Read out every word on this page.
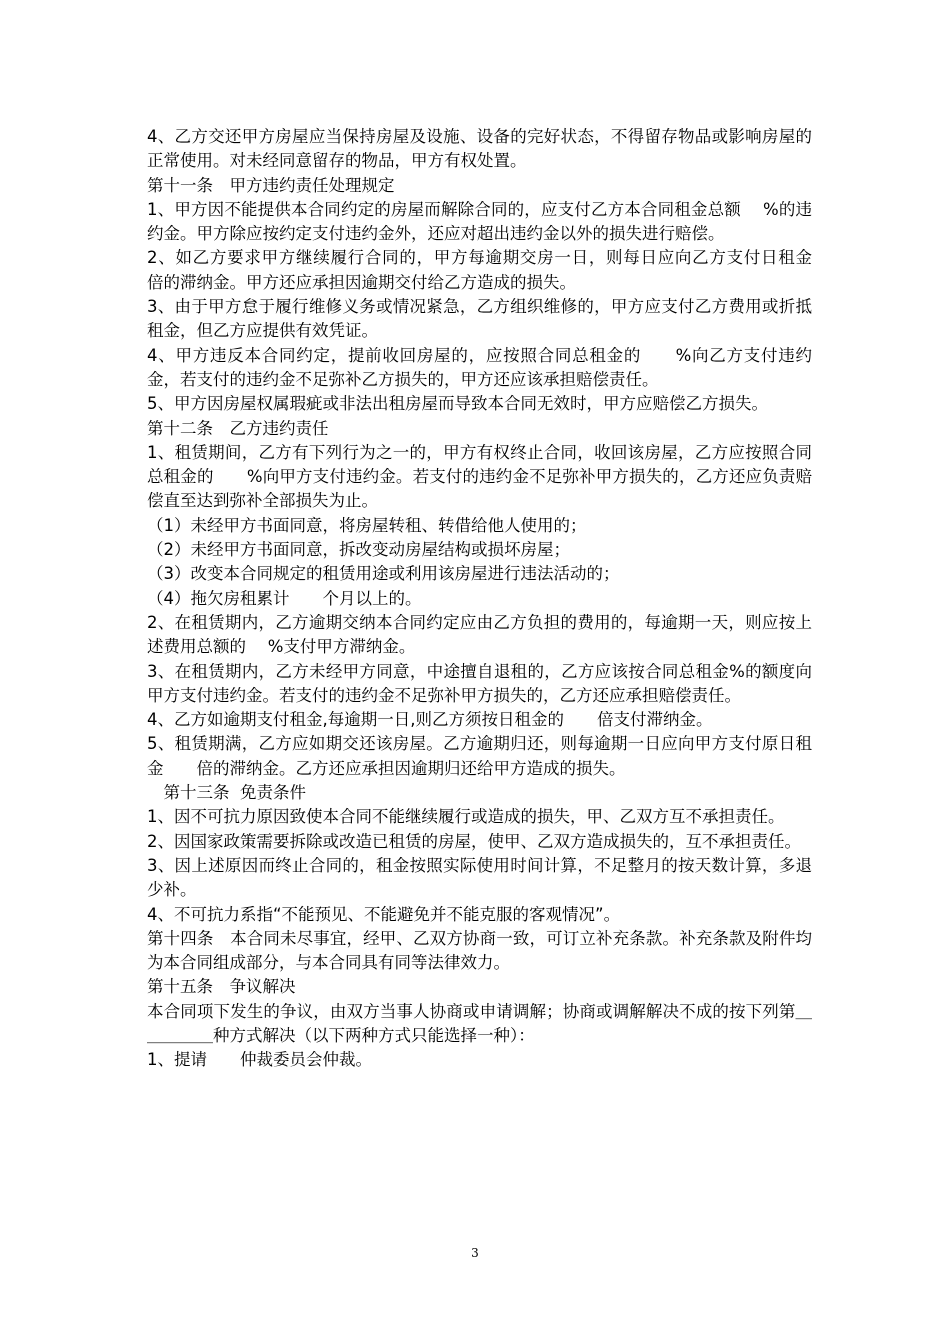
4、乙方交还甲方房屋应当保持房屋及设施、设备的完好状态，不得留存物品或影响房屋的正常使用。对未经同意留存的物品，甲方有权处置。

第十一条　甲方违约责任处理规定

1、甲方因不能提供本合同约定的房屋而解除合同的，应支付乙方本合同租金总额　 %的违约金。甲方除应按约定支付违约金外，还应对超出违约金以外的损失进行赔偿。

2、如乙方要求甲方继续履行合同的，甲方每逾期交房一日，则每日应向乙方支付日租金　　倍的滞纳金。甲方还应承担因逾期交付给乙方造成的损失。

3、由于甲方怠于履行维修义务或情况紧急，乙方组织维修的，甲方应支付乙方费用或折抵租金，但乙方应提供有效凭证。

4、甲方违反本合同约定，提前收回房屋的，应按照合同总租金的　　%向乙方支付违约金，若支付的违约金不足弥补乙方损失的，甲方还应该承担赔偿责任。

5、甲方因房屋权属瑕疵或非法出租房屋而导致本合同无效时，甲方应赔偿乙方损失。

第十二条　乙方违约责任

1、租赁期间，乙方有下列行为之一的，甲方有权终止合同，收回该房屋，乙方应按照合同总租金的　　%向甲方支付违约金。若支付的违约金不足弥补甲方损失的，乙方还应负责赔偿直至达到弥补全部损失为止。

（1）未经甲方书面同意，将房屋转租、转借给他人使用的；

（2）未经甲方书面同意，拆改变动房屋结构或损坏房屋；

（3）改变本合同规定的租赁用途或利用该房屋进行违法活动的；

（4）拖欠房租累计　　个月以上的。

2、在租赁期内，乙方逾期交纳本合同约定应由乙方负担的费用的，每逾期一天，则应按上述费用总额的　 %支付甲方滞纳金。

3、在租赁期内，乙方未经甲方同意，中途擅自退租的，乙方应该按合同总租金%的额度向甲方支付违约金。若支付的违约金不足弥补甲方损失的，乙方还应承担赔偿责任。

4、乙方如逾期支付租金,每逾期一日,则乙方须按日租金的　　倍支付滞纳金。

5、租赁期满，乙方应如期交还该房屋。乙方逾期归还，则每逾期一日应向甲方支付原日租金　　倍的滞纳金。乙方还应承担因逾期归还给甲方造成的损失。

　第十三条  免责条件

1、因不可抗力原因致使本合同不能继续履行或造成的损失，甲、乙双方互不承担责任。

2、因国家政策需要拆除或改造已租赁的房屋，使甲、乙双方造成损失的，互不承担责任。

3、因上述原因而终止合同的，租金按照实际使用时间计算，不足整月的按天数计算，多退少补。

4、不可抗力系指“不能预见、不能避免并不能克服的客观情况”。

第十四条　本合同未尽事宜，经甲、乙双方协商一致，可订立补充条款。补充条款及附件均为本合同组成部分，与本合同具有同等法律效力。

第十五条　争议解决

本合同项下发生的争议，由双方当事人协商或申请调解；协商或调解解决不成的按下列第＿＿＿＿＿种方式解决（以下两种方式只能选择一种）：

1、提请　　仲裁委员会仲裁。

3
